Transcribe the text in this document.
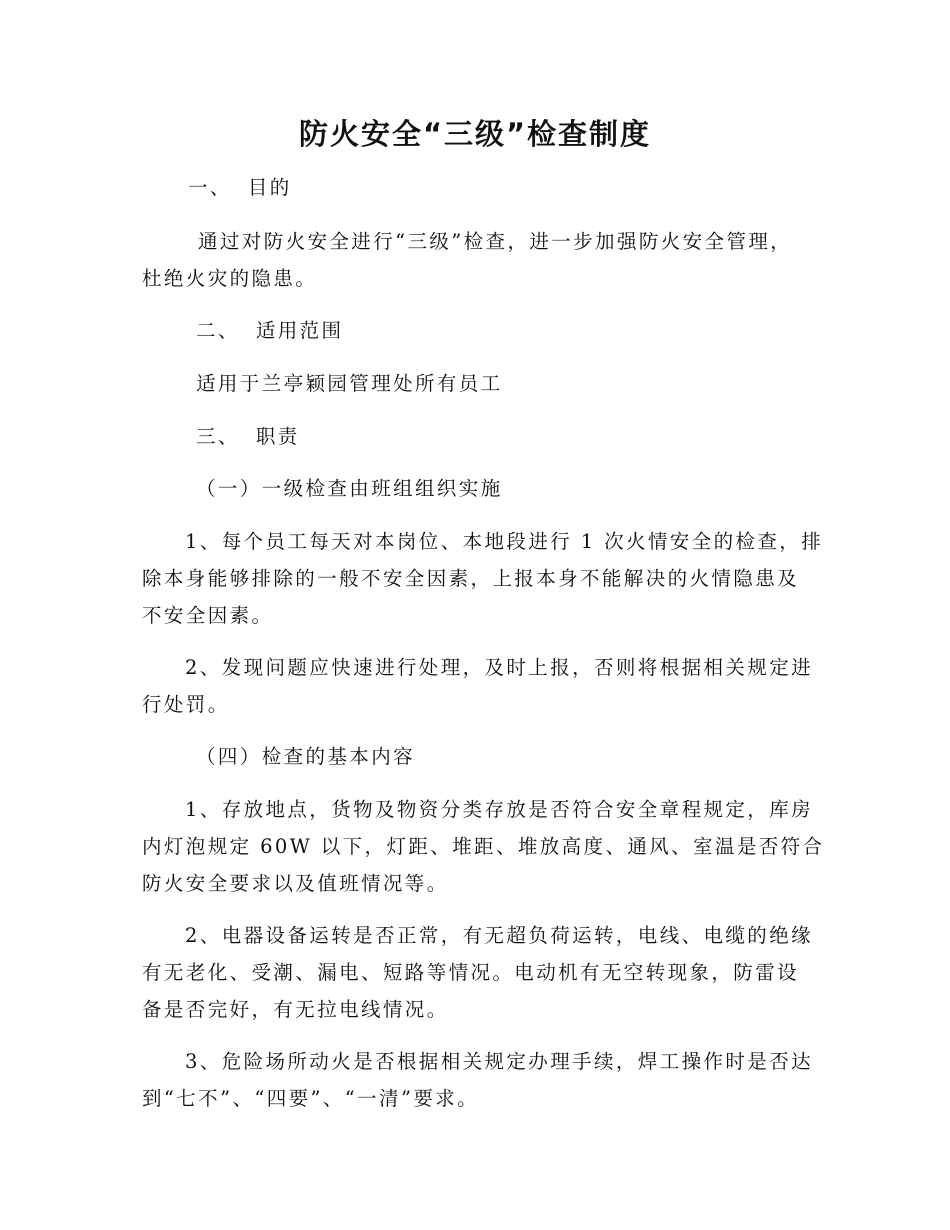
防火安全“三级”检查制度
一、 目的
通过对防火安全进行“三级”检查，进一步加强防火安全管理，
杜绝火灾的隐患。
二、 适用范围
适用于兰亭颖园管理处所有员工
三、 职责
（一）一级检查由班组组织实施
1、每个员工每天对本岗位、本地段进行 1 次火情安全的检查，排
除本身能够排除的一般不安全因素，上报本身不能解决的火情隐患及
不安全因素。
2、发现问题应快速进行处理，及时上报，否则将根据相关规定进
行处罚。
（四）检查的基本内容
1、存放地点，货物及物资分类存放是否符合安全章程规定，库房
内灯泡规定 60W 以下，灯距、堆距、堆放高度、通风、室温是否符合
防火安全要求以及值班情况等。
2、电器设备运转是否正常，有无超负荷运转，电线、电缆的绝缘
有无老化、受潮、漏电、短路等情况。电动机有无空转现象，防雷设
备是否完好，有无拉电线情况。
3、危险场所动火是否根据相关规定办理手续，焊工操作时是否达
到“七不”、“四要”、“一清”要求。
